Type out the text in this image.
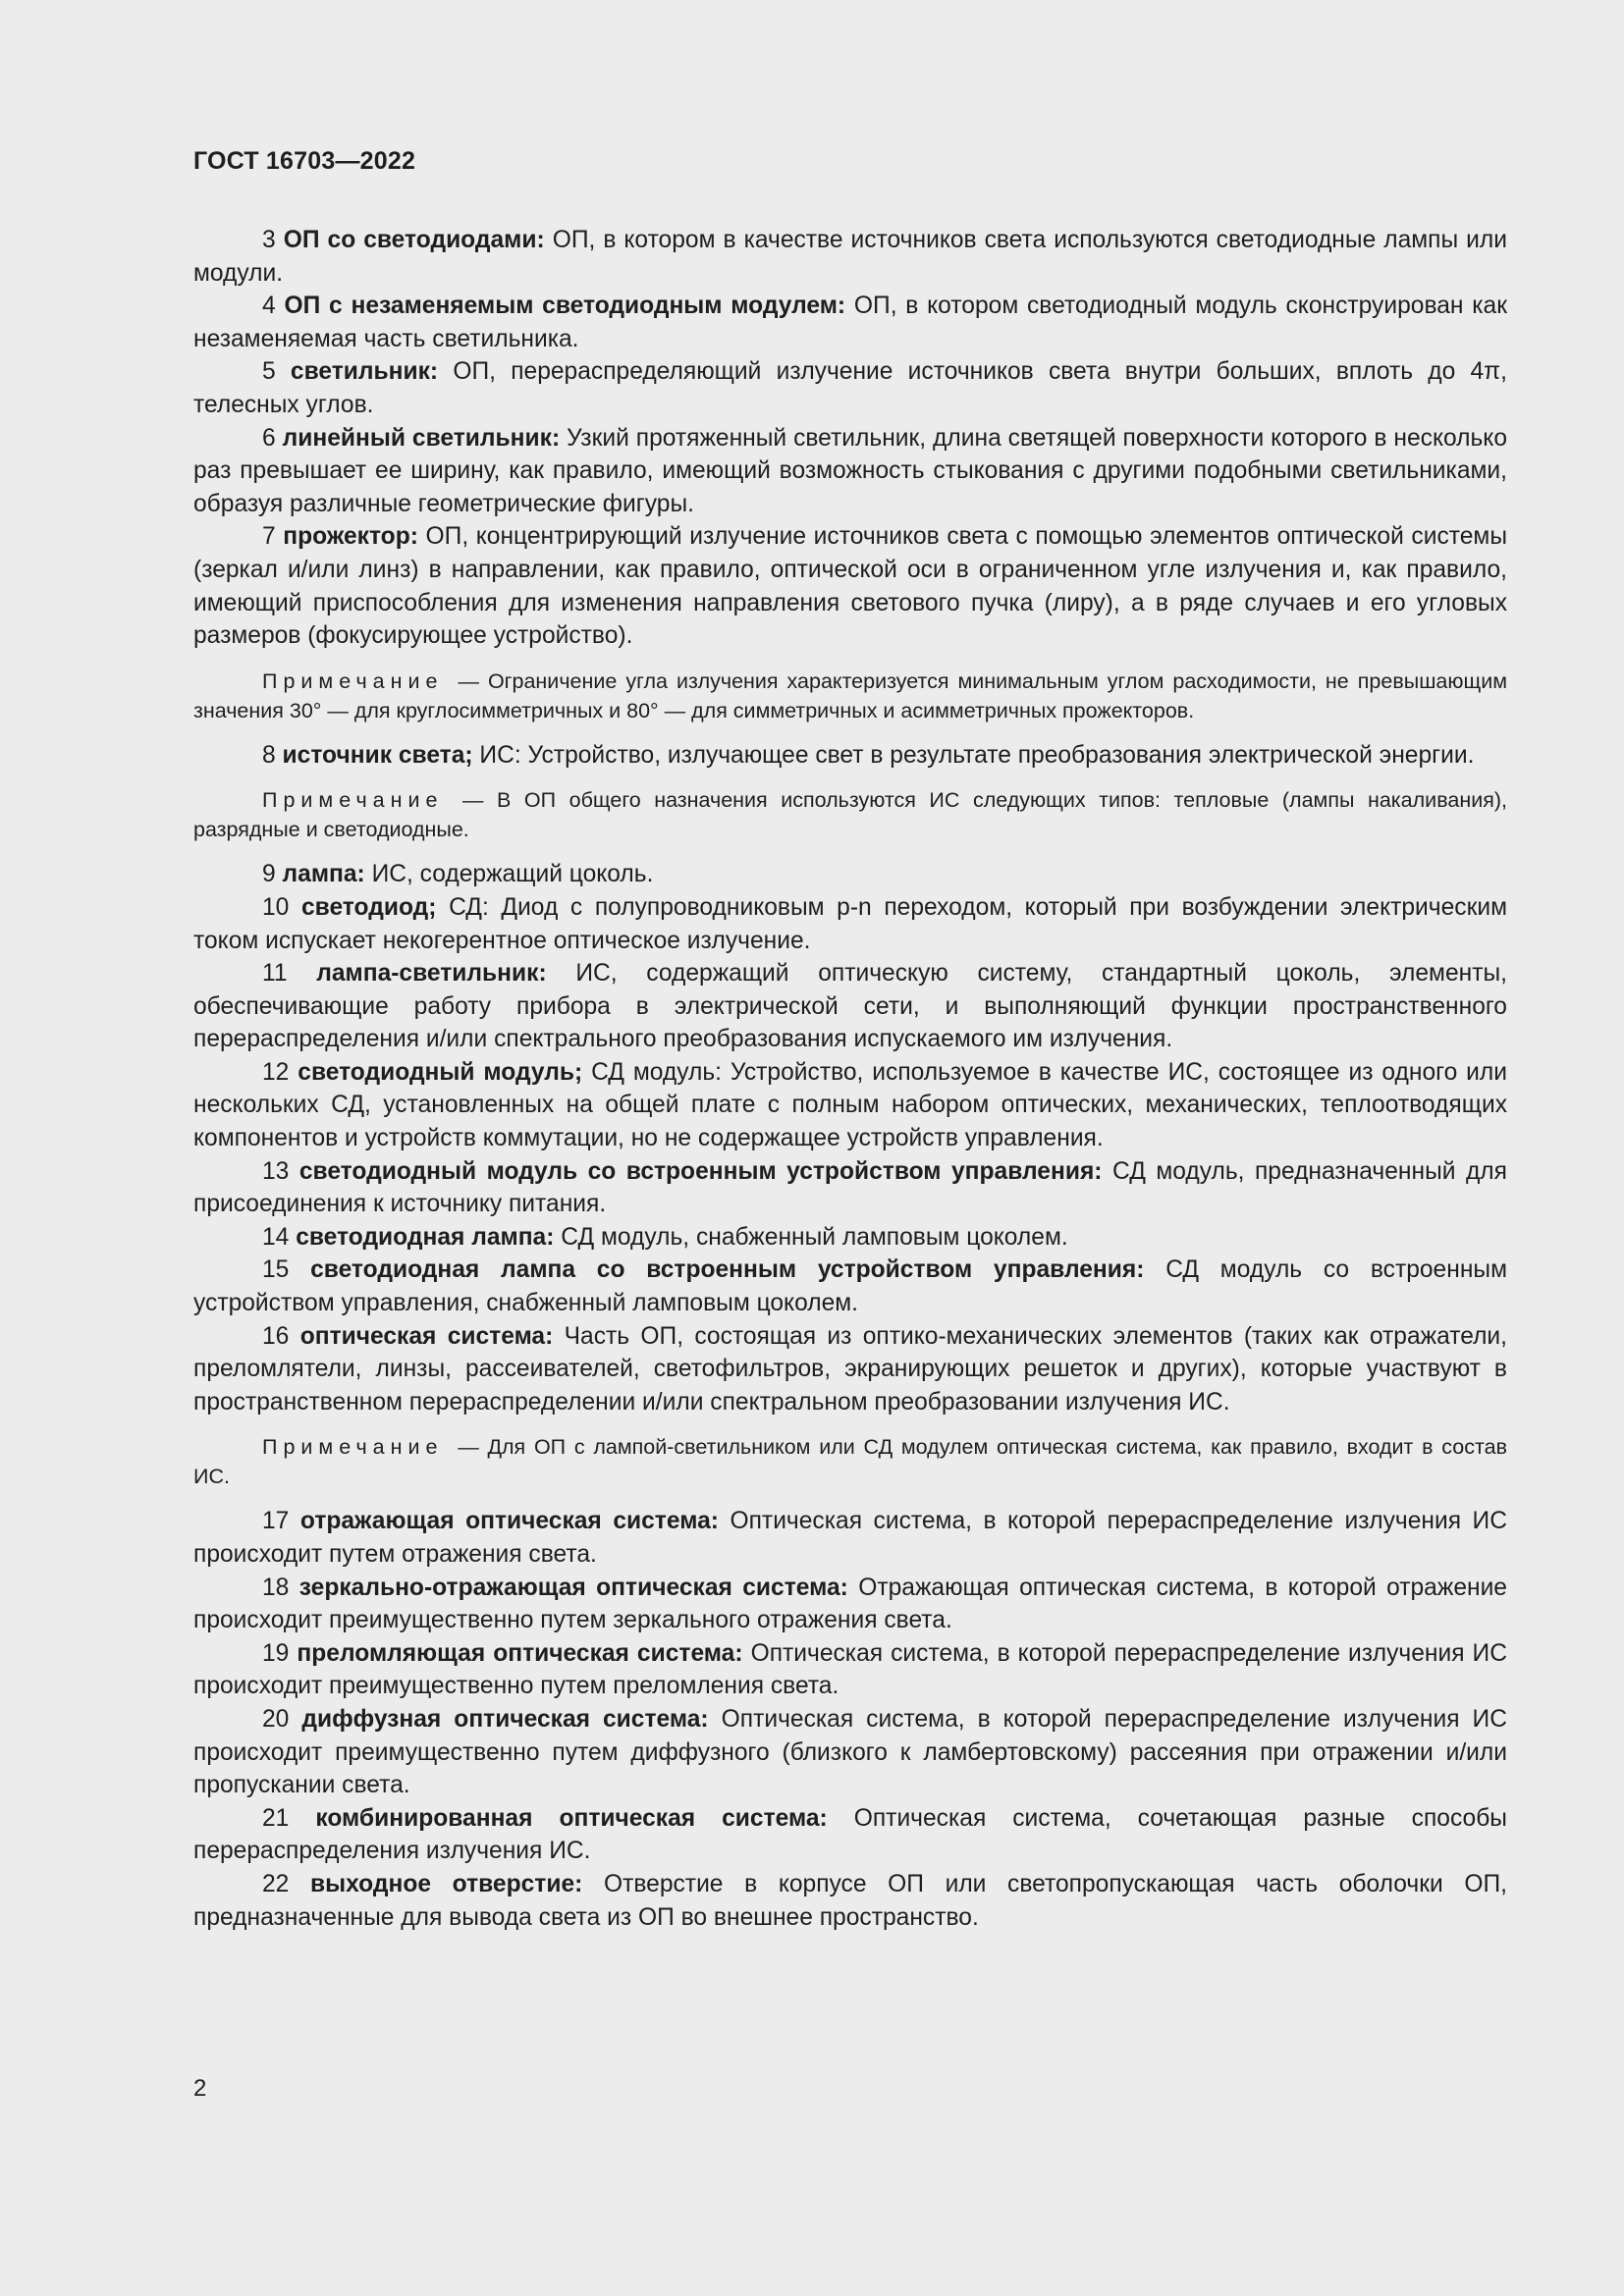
ГОСТ 16703—2022

3 ОП со светодиодами: ОП, в котором в качестве источников света используются светодиодные лампы или модули.

4 ОП с незаменяемым светодиодным модулем: ОП, в котором светодиодный модуль сконструирован как незаменяемая часть светильника.

5 светильник: ОП, перераспределяющий излучение источников света внутри больших, вплоть до 4π, телесных углов.

6 линейный светильник: Узкий протяженный светильник, длина светящей поверхности которого в несколько раз превышает ее ширину, как правило, имеющий возможность стыкования с другими подобными светильниками, образуя различные геометрические фигуры.

7 прожектор: ОП, концентрирующий излучение источников света с помощью элементов оптической системы (зеркал и/или линз) в направлении, как правило, оптической оси в ограниченном угле излучения и, как правило, имеющий приспособления для изменения направления светового пучка (лиру), а в ряде случаев и его угловых размеров (фокусирующее устройство).

Примечание — Ограничение угла излучения характеризуется минимальным углом расходимости, не превышающим значения 30° — для круглосимметричных и 80° — для симметричных и асимметричных прожекторов.

8 источник света; ИС: Устройство, излучающее свет в результате преобразования электрической энергии.

Примечание — В ОП общего назначения используются ИС следующих типов: тепловые (лампы накаливания), разрядные и светодиодные.

9 лампа: ИС, содержащий цоколь.

10 светодиод; СД: Диод с полупроводниковым p-n переходом, который при возбуждении электрическим током испускает некогерентное оптическое излучение.

11 лампа-светильник: ИС, содержащий оптическую систему, стандартный цоколь, элементы, обеспечивающие работу прибора в электрической сети, и выполняющий функции пространственного перераспределения и/или спектрального преобразования испускаемого им излучения.

12 светодиодный модуль; СД модуль: Устройство, используемое в качестве ИС, состоящее из одного или нескольких СД, установленных на общей плате с полным набором оптических, механических, теплоотводящих компонентов и устройств коммутации, но не содержащее устройств управления.

13 светодиодный модуль со встроенным устройством управления: СД модуль, предназначенный для присоединения к источнику питания.

14 светодиодная лампа: СД модуль, снабженный ламповым цоколем.

15 светодиодная лампа со встроенным устройством управления: СД модуль со встроенным устройством управления, снабженный ламповым цоколем.

16 оптическая система: Часть ОП, состоящая из оптико-механических элементов (таких как отражатели, преломлятели, линзы, рассеивателей, светофильтров, экранирующих решеток и других), которые участвуют в пространственном перераспределении и/или спектральном преобразовании излучения ИС.

Примечание — Для ОП с лампой-светильником или СД модулем оптическая система, как правило, входит в состав ИС.

17 отражающая оптическая система: Оптическая система, в которой перераспределение излучения ИС происходит путем отражения света.

18 зеркально-отражающая оптическая система: Отражающая оптическая система, в которой отражение происходит преимущественно путем зеркального отражения света.

19 преломляющая оптическая система: Оптическая система, в которой перераспределение излучения ИС происходит преимущественно путем преломления света.

20 диффузная оптическая система: Оптическая система, в которой перераспределение излучения ИС происходит преимущественно путем диффузного (близкого к ламбертовскому) рассеяния при отражении и/или пропускании света.

21 комбинированная оптическая система: Оптическая система, сочетающая разные способы перераспределения излучения ИС.

22 выходное отверстие: Отверстие в корпусе ОП или светопропускающая часть оболочки ОП, предназначенные для вывода света из ОП во внешнее пространство.

2
